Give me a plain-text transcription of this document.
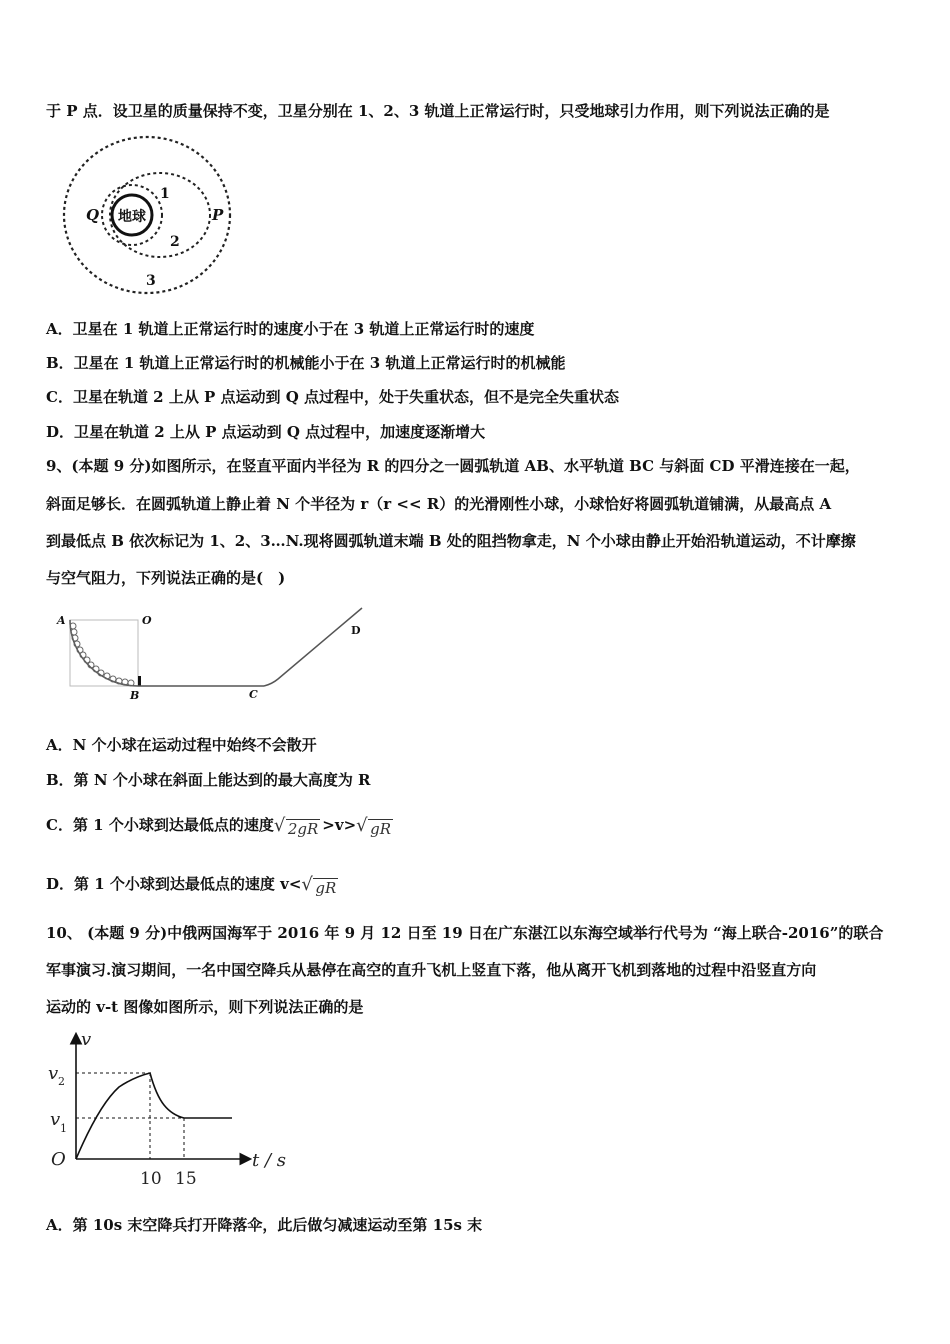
于 P 点．设卫星的质量保持不变，卫星分别在 1、2、3 轨道上正常运行时，只受地球引力作用，则下列说法正确的是
地球
Q	P
1
2
3
A．卫星在 1 轨道上正常运行时的速度小于在 3 轨道上正常运行时的速度
B．卫星在 1 轨道上正常运行时的机械能小于在 3 轨道上正常运行时的机械能
C．卫星在轨道 2 上从 P 点运动到 Q 点过程中，处于失重状态，但不是完全失重状态
D．卫星在轨道 2 上从 P 点运动到 Q 点过程中，加速度逐渐增大
9、(本题 9 分)如图所示，在竖直平面内半径为 R 的四分之一圆弧轨道 AB、水平轨道 BC 与斜面 CD 平滑连接在一起，
斜面足够长．在圆弧轨道上静止着 N 个半径为 r（r << R）的光滑刚性小球，小球恰好将圆弧轨道铺满，从最高点 A
到最低点 B 依次标记为 1、2、3…N.现将圆弧轨道末端 B 处的阻挡物拿走，N 个小球由静止开始沿轨道运动，不计摩擦
与空气阻力，下列说法正确的是(　)
A	O
B	C
D
A．N 个小球在运动过程中始终不会散开
B．第 N 个小球在斜面上能达到的最大高度为 R
C．第 1 个小球到达最低点的速度 √ 2gR >v> √ gR
D．第 1 个小球到达最低点的速度 v< √ gR
10、 (本题 9 分)中俄两国海军于 2016 年 9 月 12 日至 19 日在广东湛江以东海空域举行代号为 “海上联合-2016”的联合
军事演习.演习期间，一名中国空降兵从悬停在高空的直升飞机上竖直下落，他从离开飞机到落地的过程中沿竖直方向
运动的 v-t 图像如图所示，则下列说法正确的是
v
v 2
v 1
O
10 15
t / s
A．第 10s 末空降兵打开降落伞，此后做匀减速运动至第 15s 末
